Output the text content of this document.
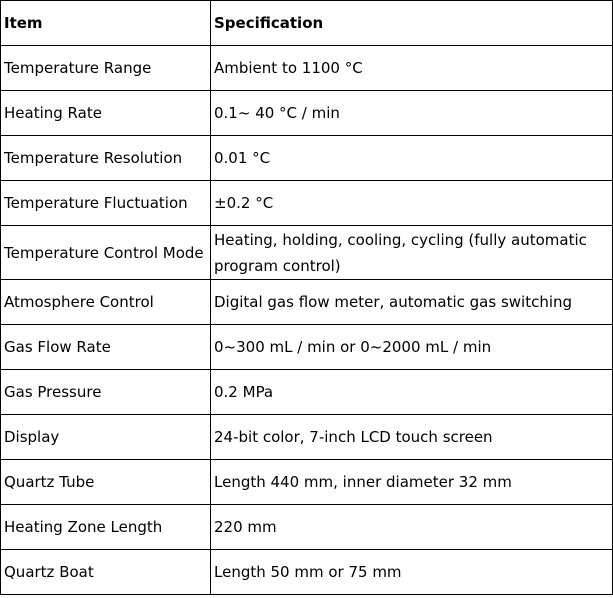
Item	Specification
Temperature Range	Ambient to 1100 °C
Heating Rate	0.1~ 40 °C / min
Temperature Resolution	0.01 °C
Temperature Fluctuation	±0.2 °C
Temperature Control Mode	Heating, holding, cooling, cycling (fully automatic program control)
Atmosphere Control	Digital gas flow meter, automatic gas switching
Gas Flow Rate	0~300 mL / min or 0~2000 mL / min
Gas Pressure	0.2 MPa
Display	24-bit color, 7-inch LCD touch screen
Quartz Tube	Length 440 mm, inner diameter 32 mm
Heating Zone Length	220 mm
Quartz Boat	Length 50 mm or 75 mm
